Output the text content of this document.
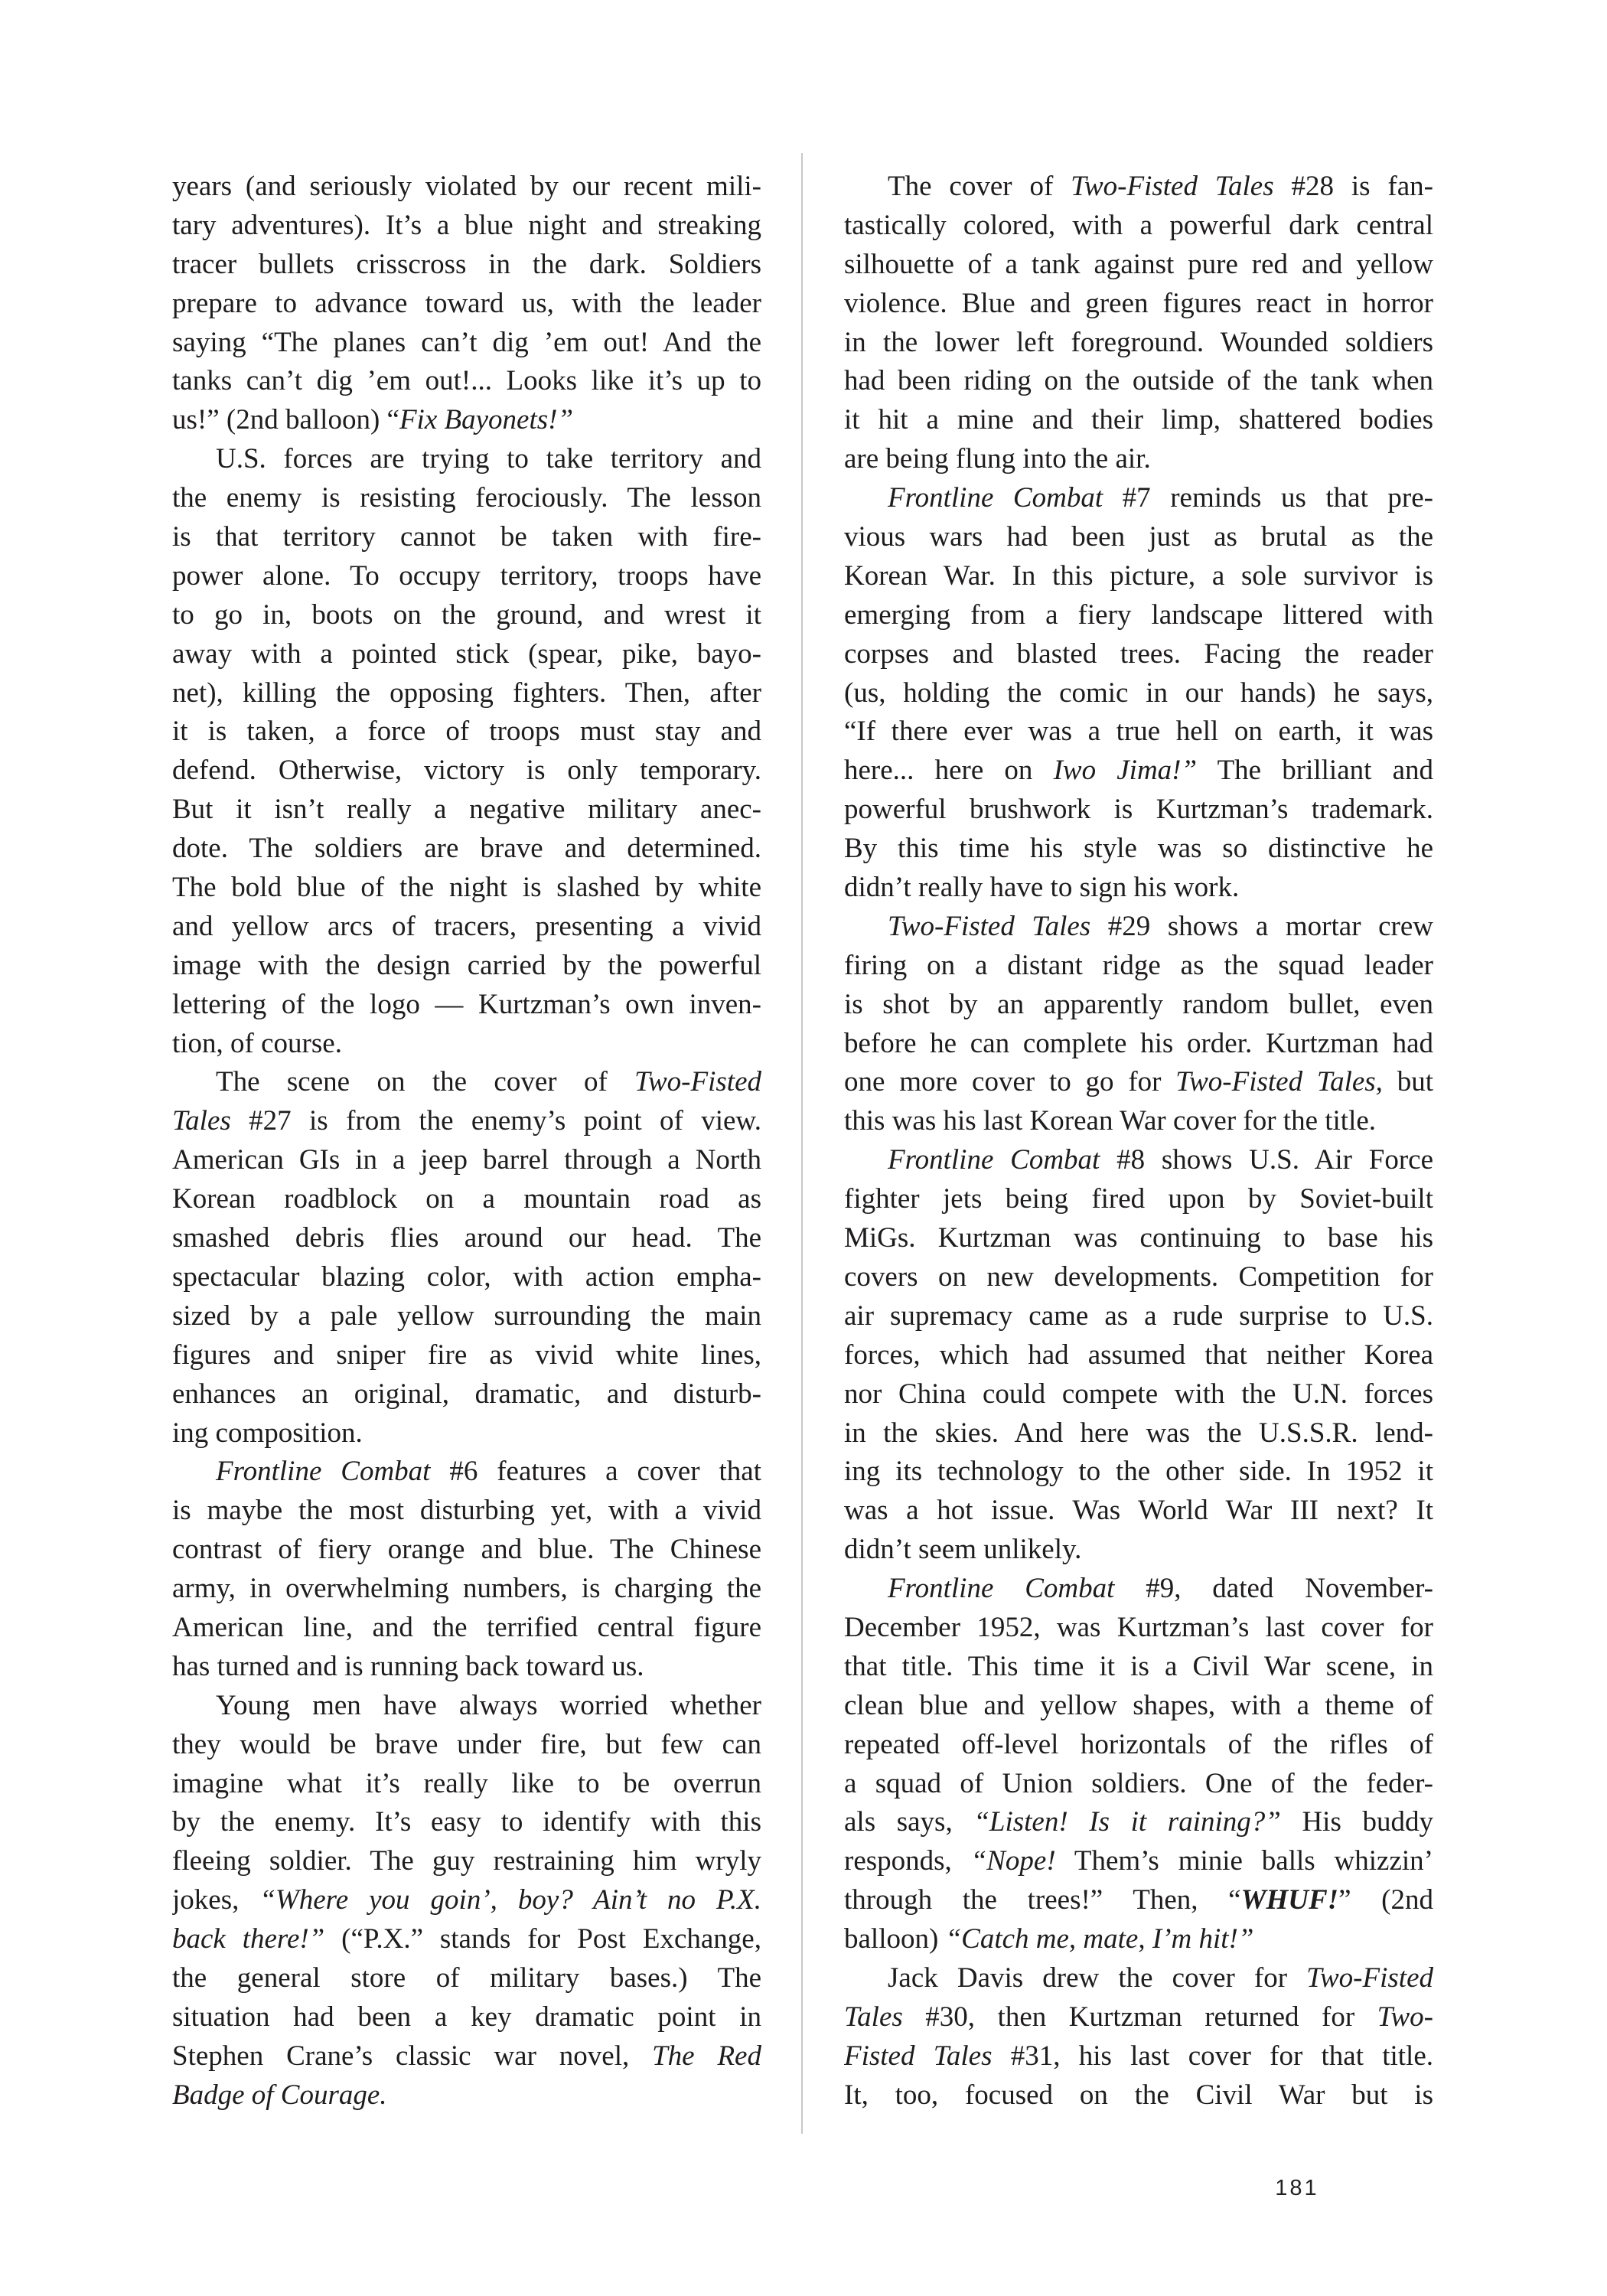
years (and seriously violated by our recent mili-
tary adventures). It’s a blue night and streaking
tracer bullets crisscross in the dark. Soldiers
prepare to advance toward us, with the leader
saying “The planes can’t dig ’em out! And the
tanks can’t dig ’em out!... Looks like it’s up to
us!” (2nd balloon) “Fix Bayonets!”
U.S. forces are trying to take territory and
the enemy is resisting ferociously. The lesson
is that territory cannot be taken with fire-
power alone. To occupy territory, troops have
to go in, boots on the ground, and wrest it
away with a pointed stick (spear, pike, bayo-
net), killing the opposing fighters. Then, after
it is taken, a force of troops must stay and
defend. Otherwise, victory is only temporary.
But it isn’t really a negative military anec-
dote. The soldiers are brave and determined.
The bold blue of the night is slashed by white
and yellow arcs of tracers, presenting a vivid
image with the design carried by the powerful
lettering of the logo — Kurtzman’s own inven-
tion, of course.
The scene on the cover of Two-Fisted
Tales #27 is from the enemy’s point of view.
American GIs in a jeep barrel through a North
Korean roadblock on a mountain road as
smashed debris flies around our head. The
spectacular blazing color, with action empha-
sized by a pale yellow surrounding the main
figures and sniper fire as vivid white lines,
enhances an original, dramatic, and disturb-
ing composition.
Frontline Combat #6 features a cover that
is maybe the most disturbing yet, with a vivid
contrast of fiery orange and blue. The Chinese
army, in overwhelming numbers, is charging the
American line, and the terrified central figure
has turned and is running back toward us.
Young men have always worried whether
they would be brave under fire, but few can
imagine what it’s really like to be overrun
by the enemy. It’s easy to identify with this
fleeing soldier. The guy restraining him wryly
jokes, “Where you goin’, boy? Ain’t no P.X.
back there!” (“P.X.” stands for Post Exchange,
the general store of military bases.) The
situation had been a key dramatic point in
Stephen Crane’s classic war novel, The Red
Badge of Courage.
The cover of Two-Fisted Tales #28 is fan-
tastically colored, with a powerful dark central
silhouette of a tank against pure red and yellow
violence. Blue and green figures react in horror
in the lower left foreground. Wounded soldiers
had been riding on the outside of the tank when
it hit a mine and their limp, shattered bodies
are being flung into the air.
Frontline Combat #7 reminds us that pre-
vious wars had been just as brutal as the
Korean War. In this picture, a sole survivor is
emerging from a fiery landscape littered with
corpses and blasted trees. Facing the reader
(us, holding the comic in our hands) he says,
“If there ever was a true hell on earth, it was
here... here on Iwo Jima!” The brilliant and
powerful brushwork is Kurtzman’s trademark.
By this time his style was so distinctive he
didn’t really have to sign his work.
Two-Fisted Tales #29 shows a mortar crew
firing on a distant ridge as the squad leader
is shot by an apparently random bullet, even
before he can complete his order. Kurtzman had
one more cover to go for Two-Fisted Tales, but
this was his last Korean War cover for the title.
Frontline Combat #8 shows U.S. Air Force
fighter jets being fired upon by Soviet-built
MiGs. Kurtzman was continuing to base his
covers on new developments. Competition for
air supremacy came as a rude surprise to U.S.
forces, which had assumed that neither Korea
nor China could compete with the U.N. forces
in the skies. And here was the U.S.S.R. lend-
ing its technology to the other side. In 1952 it
was a hot issue. Was World War III next? It
didn’t seem unlikely.
Frontline Combat #9, dated November-
December 1952, was Kurtzman’s last cover for
that title. This time it is a Civil War scene, in
clean blue and yellow shapes, with a theme of
repeated off-level horizontals of the rifles of
a squad of Union soldiers. One of the feder-
als says, “Listen! Is it raining?” His buddy
responds, “Nope! Them’s minie balls whizzin’
through the trees!” Then, “WHUF!” (2nd
balloon) “Catch me, mate, I’m hit!”
Jack Davis drew the cover for Two-Fisted
Tales #30, then Kurtzman returned for Two-
Fisted Tales #31, his last cover for that title.
It, too, focused on the Civil War but is
181
